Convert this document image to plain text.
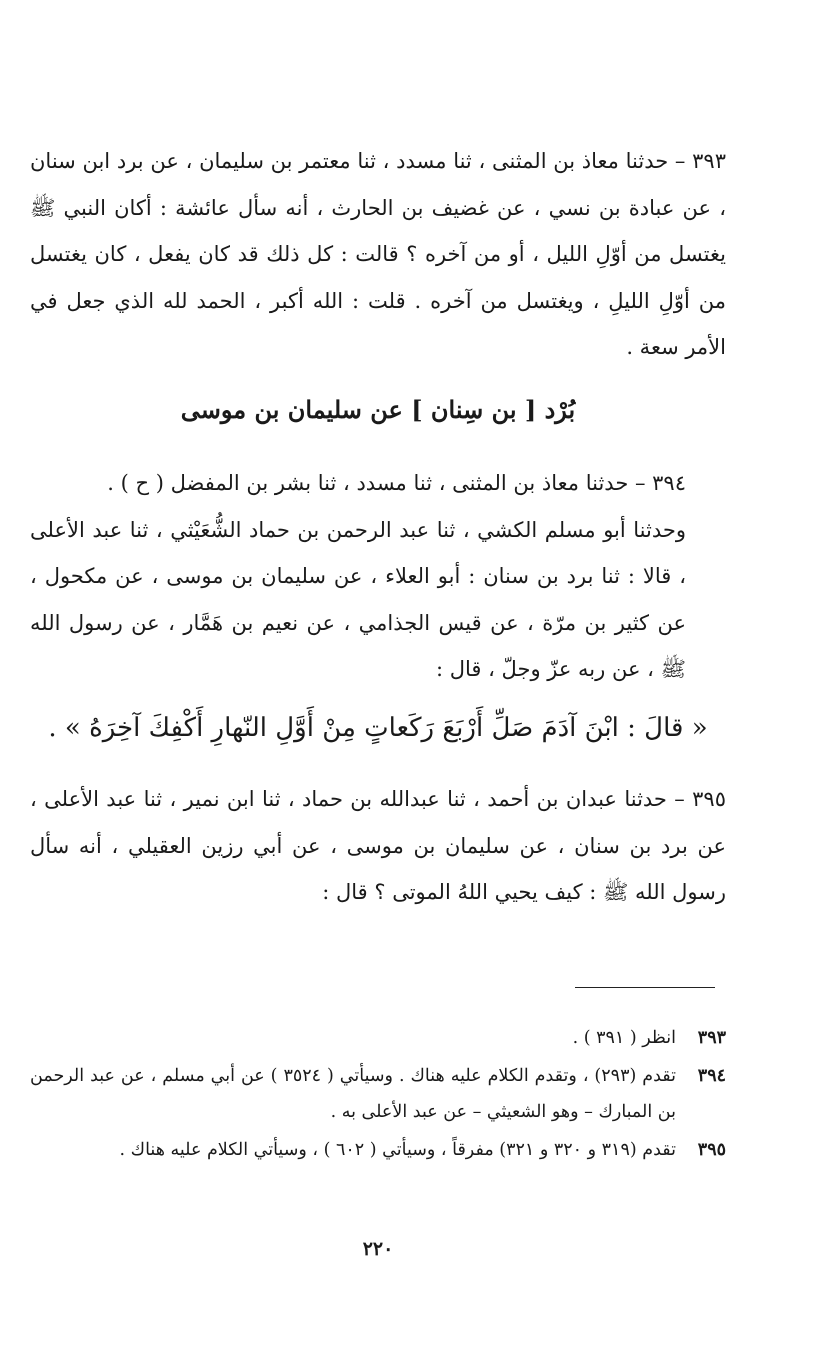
٣٩٣ – حدثنا معاذ بن المثنى ، ثنا مسدد ، ثنا معتمر بن سليمان ، عن برد ابن سنان ، عن عبادة بن نسي ، عن غضيف بن الحارث ، أنه سأل عائشة : أكان النبي ﷺ يغتسل من أوّلِ الليل ، أو من آخره ؟ قالت : كل ذلك قد كان يفعل ، كان يغتسل من أوّلِ الليلِ ، ويغتسل من آخره . قلت : الله أكبر ، الحمد لله الذي جعل في الأمر سعة .

بُرْد [ بن سِنان ] عن سليمان بن موسى

٣٩٤ – حدثنا معاذ بن المثنى ، ثنا مسدد ، ثنا بشر بن المفضل ( ح ) .

وحدثنا أبو مسلم الكشي ، ثنا عبد الرحمن بن حماد الشُّعَيْثي ، ثنا عبد الأعلى ، قالا : ثنا برد بن سنان : أبو العلاء ، عن سليمان بن موسى ، عن مكحول ، عن كثير بن مرّة ، عن قيس الجذامي ، عن نعيم بن هَمَّار ، عن رسول الله ﷺ ، عن ربه عزّ وجلّ ، قال :

« قالَ : ابْنَ آدَمَ صَلِّ أَرْبَعَ رَكَعاتٍ مِنْ أَوَّلِ النّهارِ أَكْفِكَ آخِرَهُ » .

٣٩٥ – حدثنا عبدان بن أحمد ، ثنا عبدالله بن حماد ، ثنا ابن نمير ، ثنا عبد الأعلى ، عن برد بن سنان ، عن سليمان بن موسى ، عن أبي رزين العقيلي ، أنه سأل رسول الله ﷺ : كيف يحيي اللهُ الموتى ؟ قال :

٣٩٣
انظر ( ٣٩١ ) .
٣٩٤
تقدم (٢٩٣) ، وتقدم الكلام عليه هناك . وسيأتي ( ٣٥٢٤ ) عن أبي مسلم ، عن عبد الرحمن بن المبارك – وهو الشعيثي – عن عبد الأعلى به .
٣٩٥
تقدم (٣١٩ و ٣٢٠ و ٣٢١) مفرقاً ، وسيأتي ( ٦٠٢ ) ، وسيأتي الكلام عليه هناك .
٢٢٠
